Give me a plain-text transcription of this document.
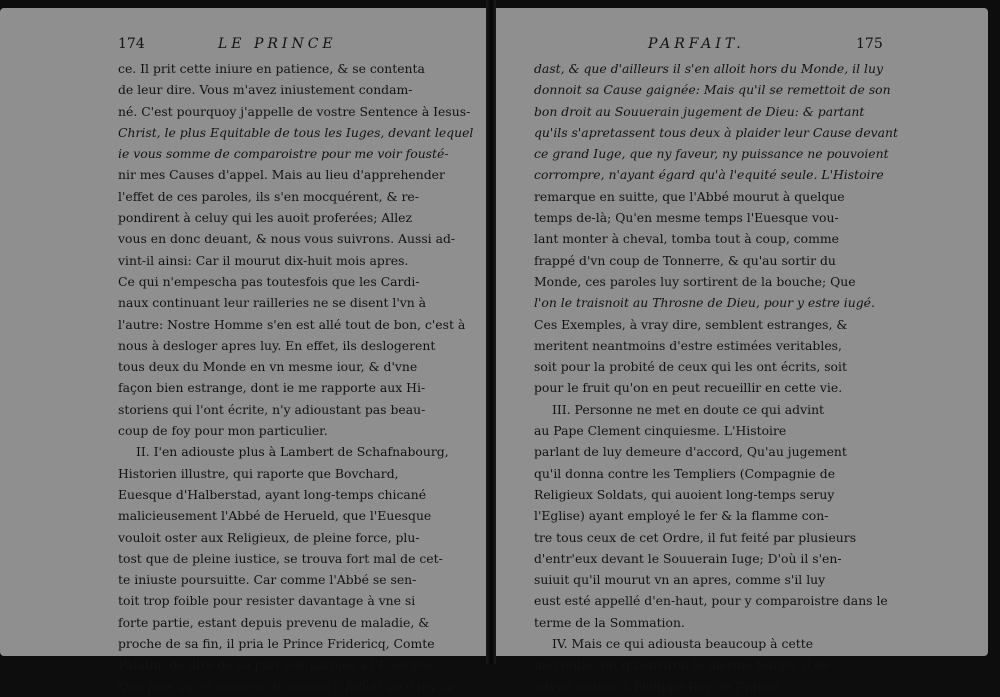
174	LE PRINCE
ce. Il prit cette iniure en patience, & se contenta
de leur dire. Vous m'avez iniustement condam-
né. C'est pourquoy j'appelle de vostre Sentence à Iesus-
Christ, le plus Equitable de tous les Iuges, devant lequel
ie vous somme de comparoistre pour me voir fousté-
nir mes Causes d'appel. Mais au lieu d'apprehender
l'effet de ces paroles, ils s'en mocquérent, & re-
pondirent à celuy qui les auoit proferées; Allez
vous en donc deuant, & nous vous suivrons. Aussi ad-
vint-il ainsi: Car il mourut dix-huit mois apres.
Ce qui n'empescha pas toutesfois que les Cardi-
naux continuant leur railleries ne se disent l'vn à
l'autre: Nostre Homme s'en est allé tout de bon, c'est à
nous à desloger apres luy. En effet, ils deslogerent
tous deux du Monde en vn mesme iour, & d'vne
façon bien estrange, dont ie me rapporte aux Hi-
storiens qui l'ont écrite, n'y adioustant pas beau-
coup de foy pour mon particulier.
II. I'en adiouste plus à Lambert de Schafnabourg,
Historien illustre, qui raporte que Bovchard,
Euesque d'Halberstad, ayant long-temps chicané
malicieusement l'Abbé de Herueld, que l'Euesque
vouloit oster aux Religieux, de pleine force, plu-
tost que de pleine iustice, se trouva fort mal de cet-
te iniuste poursuitte. Car comme l'Abbé se sen-
toit trop foible pour resister davantage à vne si
forte partie, estant depuis prevenu de maladie, &
proche de sa fin, il pria le Prince Fridericq, Comte
Palatin, de dire de sa part ces paroles à l'Euesque,
Que puis qu'en matiere de procez il falloit qu'il luy ce-
PARFAIT.	175
dast, & que d'ailleurs il s'en alloit hors du Monde, il luy
donnoit sa Cause gaignée: Mais qu'il se remettoit de son
bon droit au Souuerain jugement de Dieu: & partant
qu'ils s'apretassent tous deux à plaider leur Cause devant
ce grand Iuge, que ny faveur, ny puissance ne pouvoient
corrompre, n'ayant égard qu'à l'equité seule. L'Histoire
remarque en suitte, que l'Abbé mourut à quelque
temps de-là; Qu'en mesme temps l'Euesque vou-
lant monter à cheval, tomba tout à coup, comme
frappé d'vn coup de Tonnerre, & qu'au sortir du
Monde, ces paroles luy sortirent de la bouche; Que
l'on le traisnoit au Throsne de Dieu, pour y estre iugé.
Ces Exemples, à vray dire, semblent estranges, &
meritent neantmoins d'estre estimées veritables,
soit pour la probité de ceux qui les ont écrits, soit
pour le fruit qu'on en peut recueillir en cette vie.
III. Personne ne met en doute ce qui advint
au Pape Clement cinquiesme. L'Histoire
parlant de luy demeure d'accord, Qu'au jugement
qu'il donna contre les Templiers (Compagnie de
Religieux Soldats, qui auoient long-temps seruy
l'Eglise) ayant employé le fer & la flamme con-
tre tous ceux de cet Ordre, il fut feité par plusieurs
d'entr'eux devant le Souuerain Iuge; D'où il s'en-
suiuit qu'il mourut vn an apres, comme s'il luy
eust esté appellé d'en-haut, pour y comparoistre dans le
terme de la Sommation.
IV. Mais ce qui adiousta beaucoup à cette
merveille, fut qu'environ le mesme temps, il en
advint autant à Philippe Roy de France,
